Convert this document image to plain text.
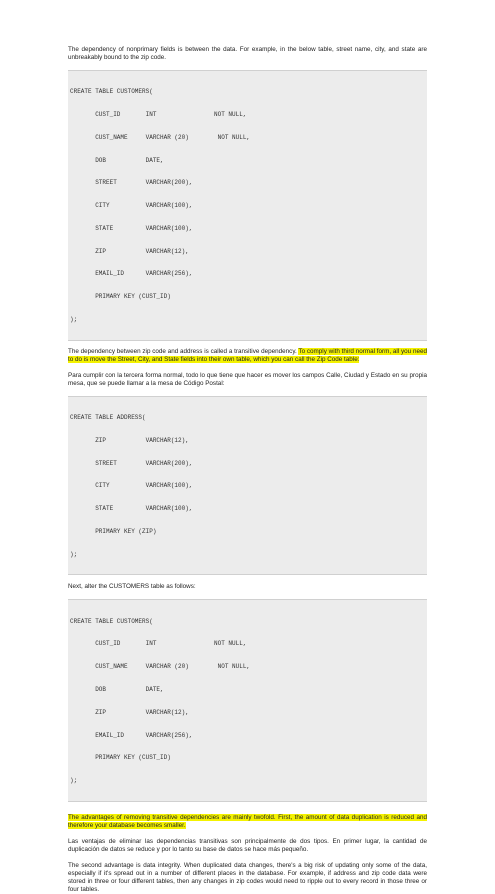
The dependency of nonprimary fields is between the data. For example, in the below table, street name, city, and state are unbreakably bound to the zip code.

CREATE TABLE CUSTOMERS(

CUST_ID       INT                NOT NULL,

CUST_NAME     VARCHAR (20)        NOT NULL,

DOB           DATE,

STREET        VARCHAR(200),

CITY          VARCHAR(100),

STATE         VARCHAR(100),

ZIP           VARCHAR(12),

EMAIL_ID      VARCHAR(256),

PRIMARY KEY (CUST_ID)

);

The dependency between zip code and address is called a transitive dependency. To comply with third normal form, all you need to do is move the Street, City, and State fields into their own table, which you can call the Zip Code table:

Para cumplir con la tercera forma normal, todo lo que tiene que hacer es mover los campos Calle, Ciudad y Estado en su propia mesa, que se puede llamar a la mesa de Código Postal:

CREATE TABLE ADDRESS(

ZIP           VARCHAR(12),

STREET        VARCHAR(200),

CITY          VARCHAR(100),

STATE         VARCHAR(100),

PRIMARY KEY (ZIP)

);

Next, alter the CUSTOMERS table as follows:

CREATE TABLE CUSTOMERS(

CUST_ID       INT                NOT NULL,

CUST_NAME     VARCHAR (20)        NOT NULL,

DOB           DATE,

ZIP           VARCHAR(12),

EMAIL_ID      VARCHAR(256),

PRIMARY KEY (CUST_ID)

);

The advantages of removing transitive dependencies are mainly twofold. First, the amount of data duplication is reduced and therefore your database becomes smaller.

Las ventajas de eliminar las dependencias transitivas son principalmente de dos tipos. En primer lugar, la cantidad de duplicación de datos se reduce y por lo tanto su base de datos se hace más pequeño.

The second advantage is data integrity. When duplicated data changes, there's a big risk of updating only some of the data, especially if it's spread out in a number of different places in the database. For example, if address and zip code data were stored in three or four different tables, then any changes in zip codes would need to ripple out to every record in those three or four tables.
